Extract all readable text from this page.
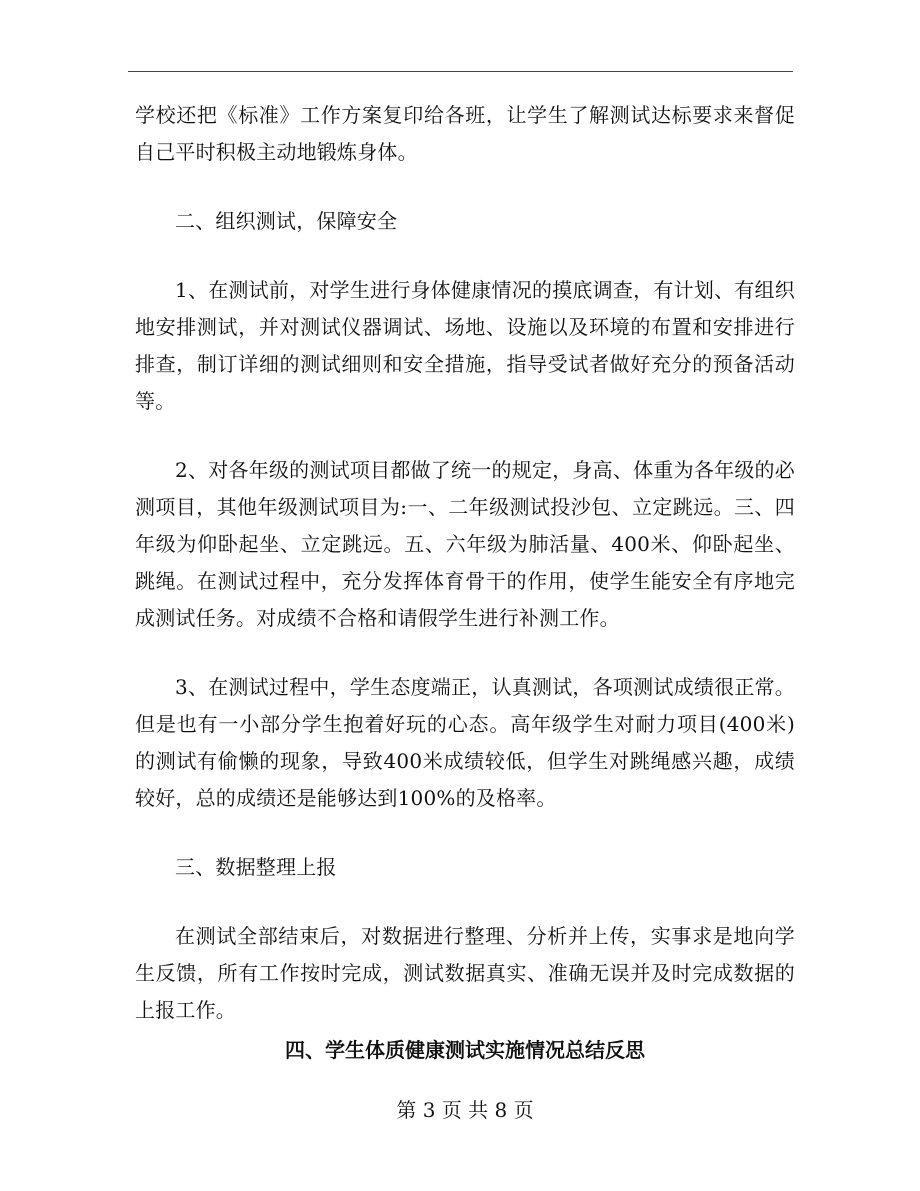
学校还把《标准》工作方案复印给各班，让学生了解测试达标要求来督促自己平时积极主动地锻炼身体。

二、组织测试，保障安全

1、在测试前，对学生进行身体健康情况的摸底调查，有计划、有组织地安排测试，并对测试仪器调试、场地、设施以及环境的布置和安排进行排查，制订详细的测试细则和安全措施，指导受试者做好充分的预备活动等。

2、对各年级的测试项目都做了统一的规定，身高、体重为各年级的必测项目，其他年级测试项目为:一、二年级测试投沙包、立定跳远。三、四年级为仰卧起坐、立定跳远。五、六年级为肺活量、400米、仰卧起坐、跳绳。在测试过程中，充分发挥体育骨干的作用，使学生能安全有序地完成测试任务。对成绩不合格和请假学生进行补测工作。

3、在测试过程中，学生态度端正，认真测试，各项测试成绩很正常。但是也有一小部分学生抱着好玩的心态。高年级学生对耐力项目(400米)的测试有偷懒的现象，导致400米成绩较低，但学生对跳绳感兴趣，成绩较好，总的成绩还是能够达到100%的及格率。

三、数据整理上报

在测试全部结束后，对数据进行整理、分析并上传，实事求是地向学生反馈，所有工作按时完成，测试数据真实、准确无误并及时完成数据的上报工作。

四、学生体质健康测试实施情况总结反思

第 3 页 共 8 页
